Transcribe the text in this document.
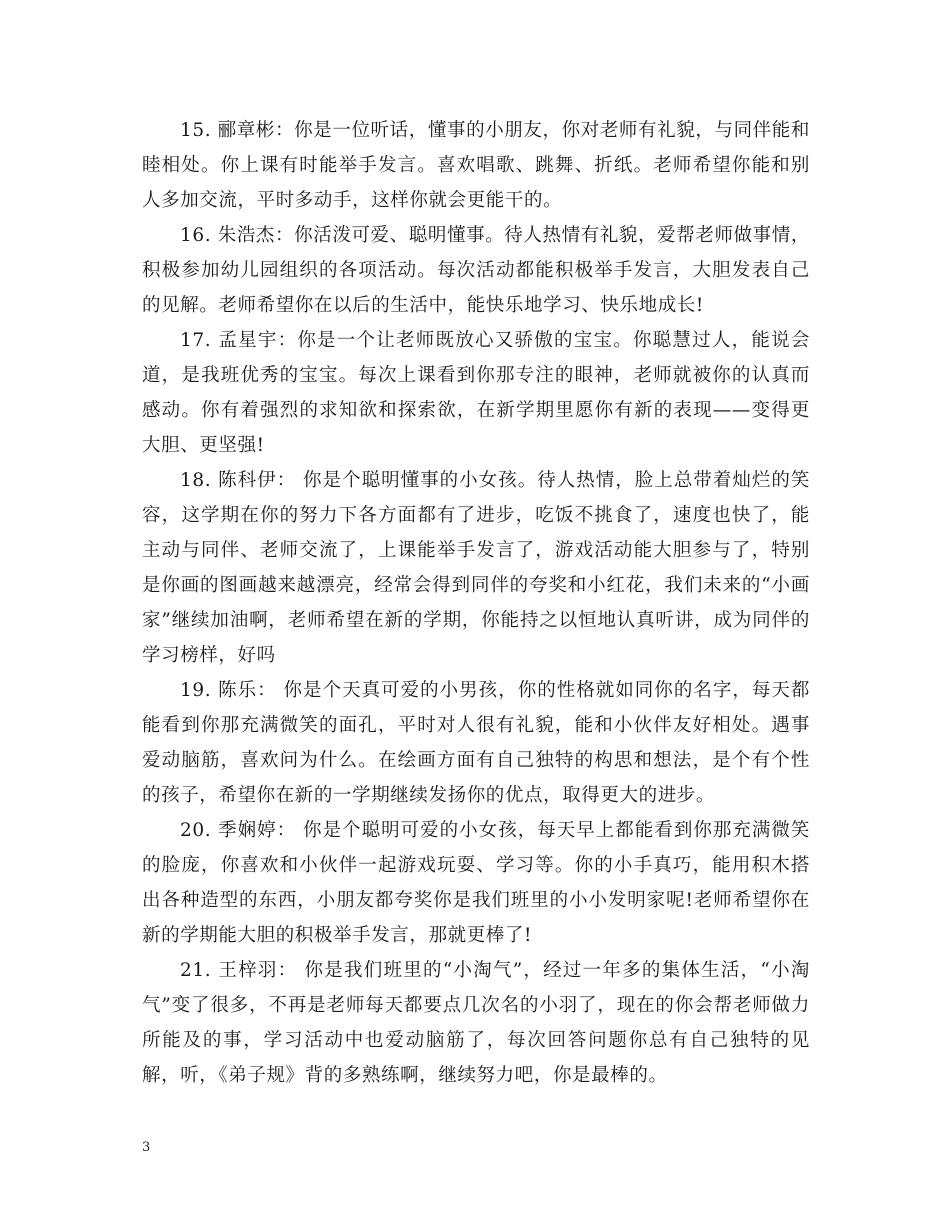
15. 郦章彬：你是一位听话，懂事的小朋友，你对老师有礼貌，与同伴能和睦相处。你上课有时能举手发言。喜欢唱歌、跳舞、折纸。老师希望你能和别人多加交流，平时多动手，这样你就会更能干的。

16. 朱浩杰：你活泼可爱、聪明懂事。待人热情有礼貌，爱帮老师做事情，积极参加幼儿园组织的各项活动。每次活动都能积极举手发言，大胆发表自己的见解。老师希望你在以后的生活中，能快乐地学习、快乐地成长!

17. 孟星宇：你是一个让老师既放心又骄傲的宝宝。你聪慧过人，能说会道，是我班优秀的宝宝。每次上课看到你那专注的眼神，老师就被你的认真而感动。你有着强烈的求知欲和探索欲，在新学期里愿你有新的表现——变得更大胆、更坚强!

18. 陈科伊： 你是个聪明懂事的小女孩。待人热情，脸上总带着灿烂的笑容，这学期在你的努力下各方面都有了进步，吃饭不挑食了，速度也快了，能主动与同伴、老师交流了，上课能举手发言了，游戏活动能大胆参与了，特别是你画的图画越来越漂亮，经常会得到同伴的夸奖和小红花，我们未来的“小画家”继续加油啊，老师希望在新的学期，你能持之以恒地认真听讲，成为同伴的学习榜样，好吗

19. 陈乐： 你是个天真可爱的小男孩，你的性格就如同你的名字，每天都能看到你那充满微笑的面孔，平时对人很有礼貌，能和小伙伴友好相处。遇事爱动脑筋，喜欢问为什么。在绘画方面有自己独特的构思和想法，是个有个性的孩子，希望你在新的一学期继续发扬你的优点，取得更大的进步。

20. 季娴婷： 你是个聪明可爱的小女孩，每天早上都能看到你那充满微笑的脸庞，你喜欢和小伙伴一起游戏玩耍、学习等。你的小手真巧，能用积木搭出各种造型的东西，小朋友都夸奖你是我们班里的小小发明家呢!老师希望你在新的学期能大胆的积极举手发言，那就更棒了!

21. 王梓羽： 你是我们班里的“小淘气”，经过一年多的集体生活，“小淘气”变了很多，不再是老师每天都要点几次名的小羽了，现在的你会帮老师做力所能及的事，学习活动中也爱动脑筋了，每次回答问题你总有自己独特的见解，听，《弟子规》背的多熟练啊，继续努力吧，你是最棒的。

3
